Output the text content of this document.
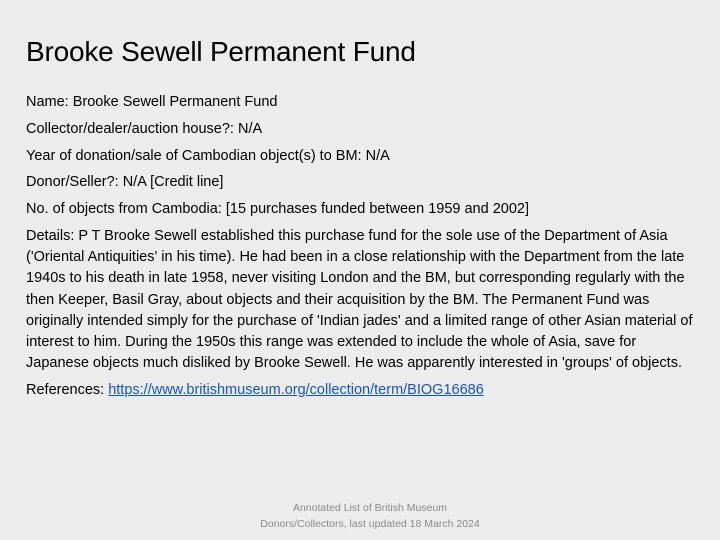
Brooke Sewell Permanent Fund

Name: Brooke Sewell Permanent Fund

Collector/dealer/auction house?: N/A

Year of donation/sale of Cambodian object(s) to BM: N/A

Donor/Seller?: N/A [Credit line]

No. of objects from Cambodia: [15 purchases funded between 1959 and 2002]

Details: P T Brooke Sewell established this purchase fund for the sole use of the Department of Asia ('Oriental Antiquities' in his time). He had been in a close relationship with the Department from the late 1940s to his death in late 1958, never visiting London and the BM, but corresponding regularly with the then Keeper, Basil Gray, about objects and their acquisition by the BM. The Permanent Fund was originally intended simply for the purchase of 'Indian jades' and a limited range of other Asian material of interest to him. During the 1950s this range was extended to include the whole of Asia, save for Japanese objects much disliked by Brooke Sewell. He was apparently interested in 'groups' of objects.

References: https://www.britishmuseum.org/collection/term/BIOG16686

Annotated List of British Museum
Donors/Collectors, last updated 18 March 2024
